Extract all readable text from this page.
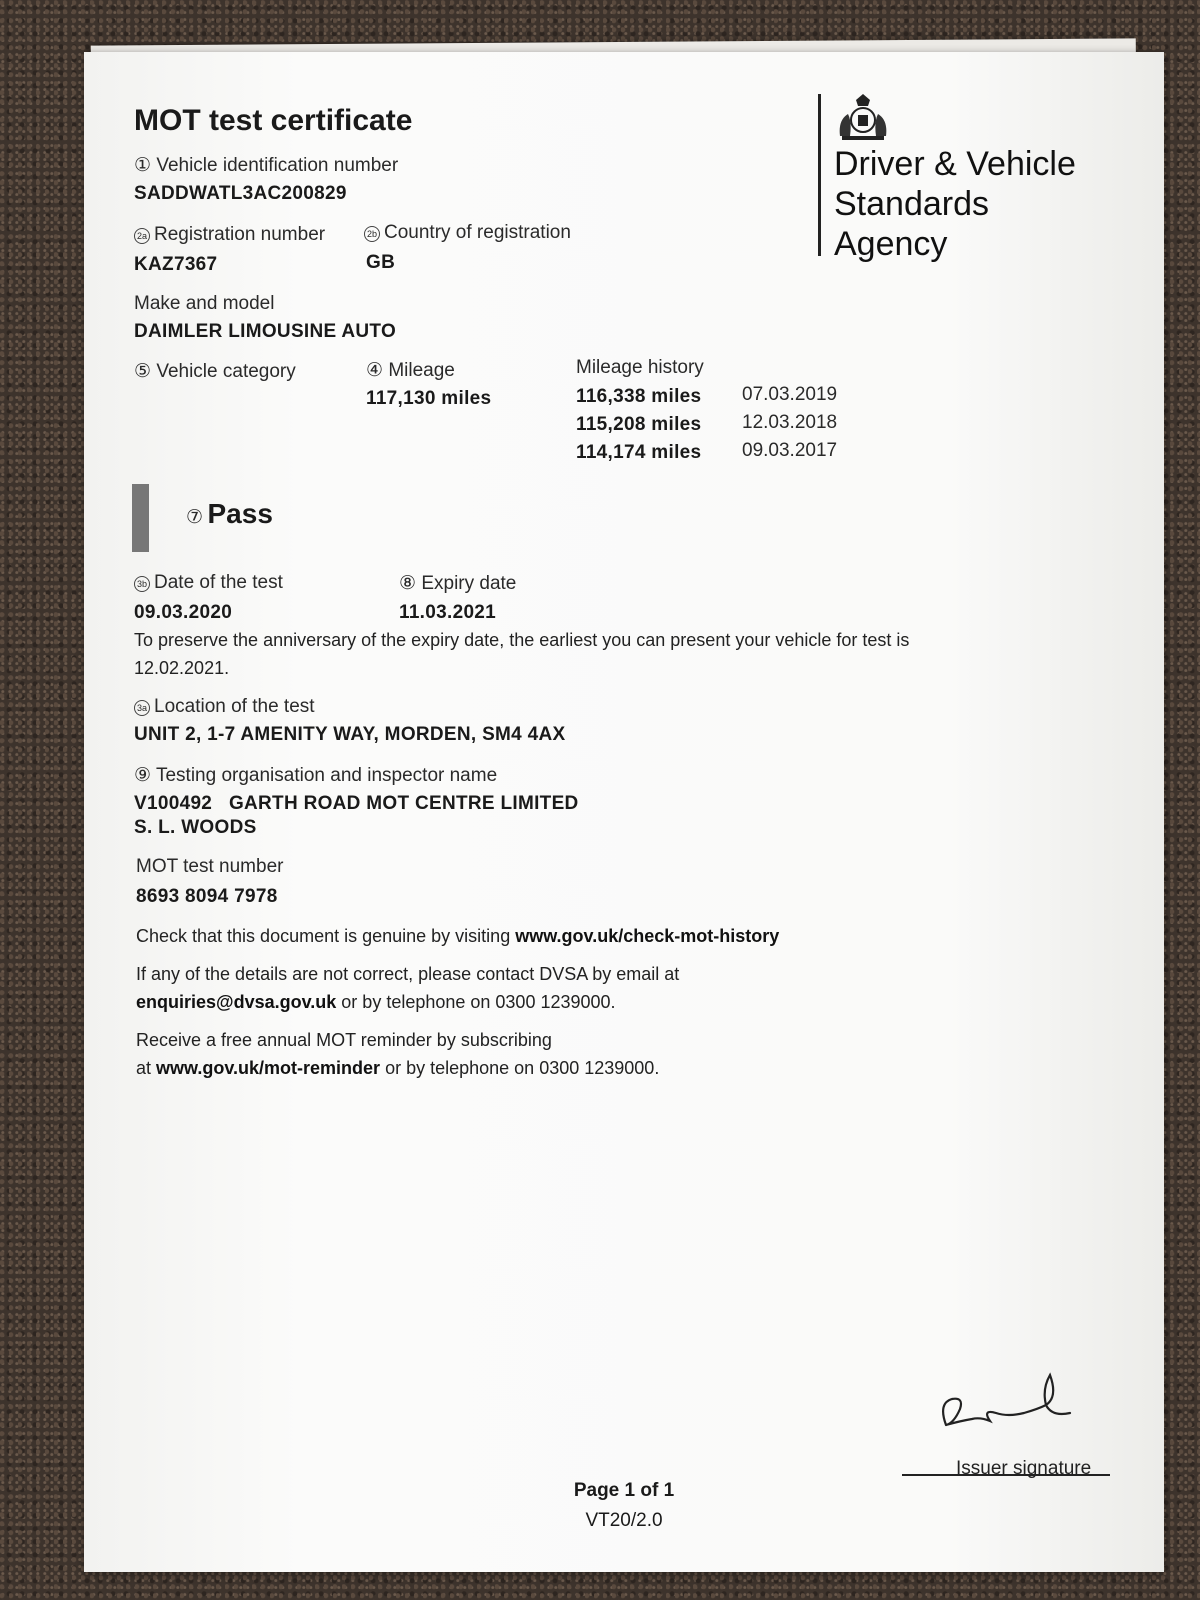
MOT test certificate
Driver & Vehicle
Standards
Agency
① Vehicle identification number
SADDWATL3AC200829
2a Registration number
KAZ7367
2b Country of registration
GB
Make and model
DAIMLER LIMOUSINE AUTO
⑤ Vehicle category	④ Mileage
117,130 miles
Mileage history
116,338 miles 07.03.2019
115,208 miles 12.03.2018
114,174 miles 09.03.2017
⑦ Pass
3b Date of the test
09.03.2020
⑧ Expiry date
11.03.2021
To preserve the anniversary of the expiry date, the earliest you can present your vehicle for test is
12.02.2021.
3a Location of the test
UNIT 2, 1-7 AMENITY WAY, MORDEN, SM4 4AX
⑨ Testing organisation and inspector name
V100492 GARTH ROAD MOT CENTRE LIMITED
S. L. WOODS
MOT test number
8693 8094 7978
Check that this document is genuine by visiting www.gov.uk/check-mot-history
If any of the details are not correct, please contact DVSA by email at
enquiries@dvsa.gov.uk or by telephone on 0300 1239000.
Receive a free annual MOT reminder by subscribing
at www.gov.uk/mot-reminder or by telephone on 0300 1239000.
Page 1 of 1
VT20/2.0
Issuer signature
